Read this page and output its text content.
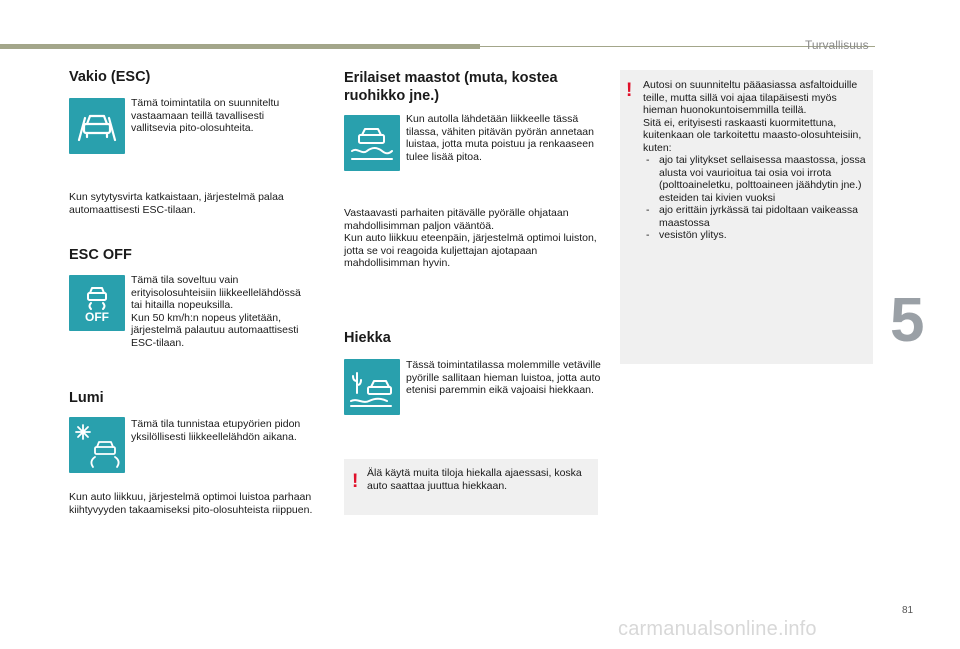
Turvallisuus
5
81
carmanualsonline.info
Vakio (ESC)
Tämä toimintatila on suunniteltu vastaamaan teillä tavallisesti vallitsevia pito-olosuhteita.
Kun sytytysvirta katkaistaan, järjestelmä palaa automaattisesti ESC-tilaan.
ESC OFF
OFF
Tämä tila soveltuu vain erityisolosuhteisiin liikkeellelähdössä tai hitailla nopeuksilla.
Kun 50 km/h:n nopeus ylitetään, järjestelmä palautuu automaattisesti ESC-tilaan.
Lumi
Tämä tila tunnistaa etupyörien pidon yksilöllisesti liikkeellelähdön aikana.
Kun auto liikkuu, järjestelmä optimoi luistoa parhaan kiihtyvyyden takaamiseksi pito-olosuhteista riippuen.
Erilaiset maastot (muta, kostea ruohikko jne.)
Kun autolla lähdetään liikkeelle tässä tilassa, vähiten pitävän pyörän annetaan luistaa, jotta muta poistuu ja renkaaseen tulee lisää pitoa.
Vastaavasti parhaiten pitävälle pyörälle ohjataan mahdollisimman paljon vääntöä.
Kun auto liikkuu eteenpäin, järjestelmä optimoi luiston, jotta se voi reagoida kuljettajan ajotapaan mahdollisimman hyvin.
Hiekka
Tässä toimintatilassa molemmille vetäville pyörille sallitaan hieman luistoa, jotta auto etenisi paremmin eikä vajoaisi hiekkaan.
! Älä käytä muita tiloja hiekalla ajaessasi, koska auto saattaa juuttua hiekkaan.
! Autosi on suunniteltu pääasiassa asfaltoiduille teille, mutta sillä voi ajaa tilapäisesti myös hieman huonokuntoisemmilla teillä.
Sitä ei, erityisesti raskaasti kuormitettuna, kuitenkaan ole tarkoitettu maasto-olosuhteisiin, kuten:
- ajo tai ylitykset sellaisessa maastossa, jossa alusta voi vaurioitua tai osia voi irrota (polttoaineletku, polttoaineen jäähdytin jne.) esteiden tai kivien vuoksi
- ajo erittäin jyrkässä tai pidoltaan vaikeassa maastossa
- vesistön ylitys.
